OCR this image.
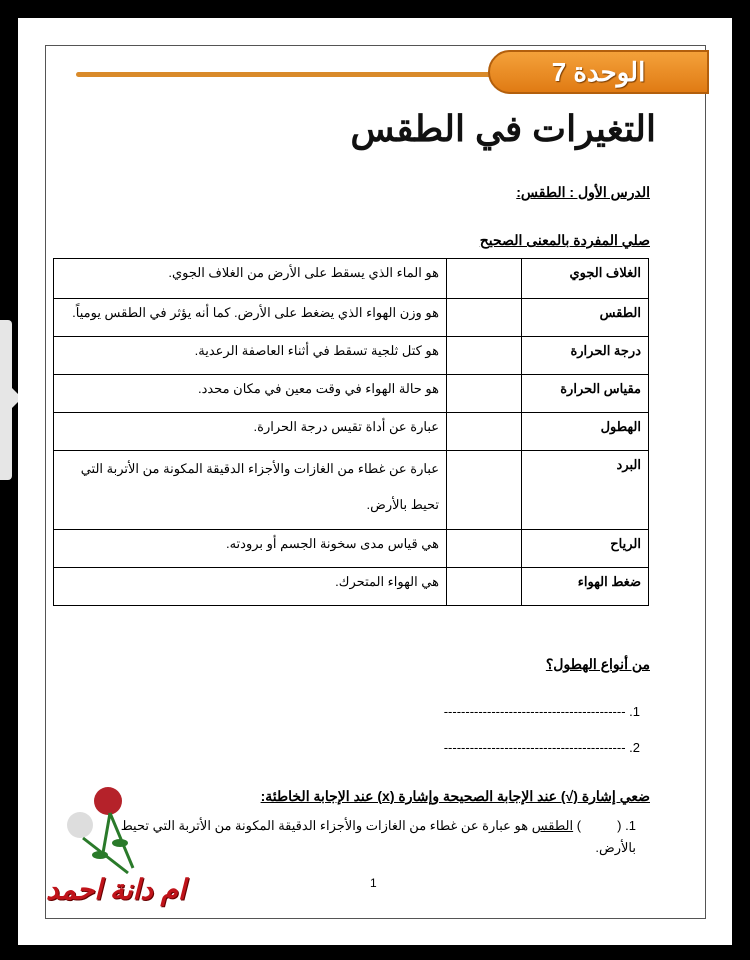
الوحدة 7
التغيرات في الطقس
الدرس الأول : الطقس:
صلي المفردة بالمعنى الصحيح
الغلاف الجوي		هو الماء الذي يسقط على الأرض من الغلاف الجوي.
الطقس		هو وزن الهواء الذي يضغط على الأرض. كما أنه يؤثر في الطقس يومياً.
درجة الحرارة		هو كتل ثلجية تسقط في أثناء العاصفة الرعدية.
مقياس الحرارة		هو حالة الهواء في وقت معين في مكان محدد.
الهطول		عبارة عن أداة تقيس درجة الحرارة.
البرد		عبارة عن غطاء من الغازات والأجزاء الدقيقة المكونة من الأتربة التي تحيط بالأرض.
الرياح		هي قياس مدى سخونة الجسم أو برودته.
ضغط الهواء		هي الهواء المتحرك.
من أنواع الهطول؟
1. ------------------------------------------
2. ------------------------------------------
ضعي إشارة (√) عند الإجابة الصحيحة وإشارة (x) عند الإجابة الخاطئة:
1. (          ) الطقس هو عبارة عن غطاء من الغازات والأجزاء الدقيقة المكونة من الأتربة التي تحيط بالأرض.
ام دانة احمد	1
